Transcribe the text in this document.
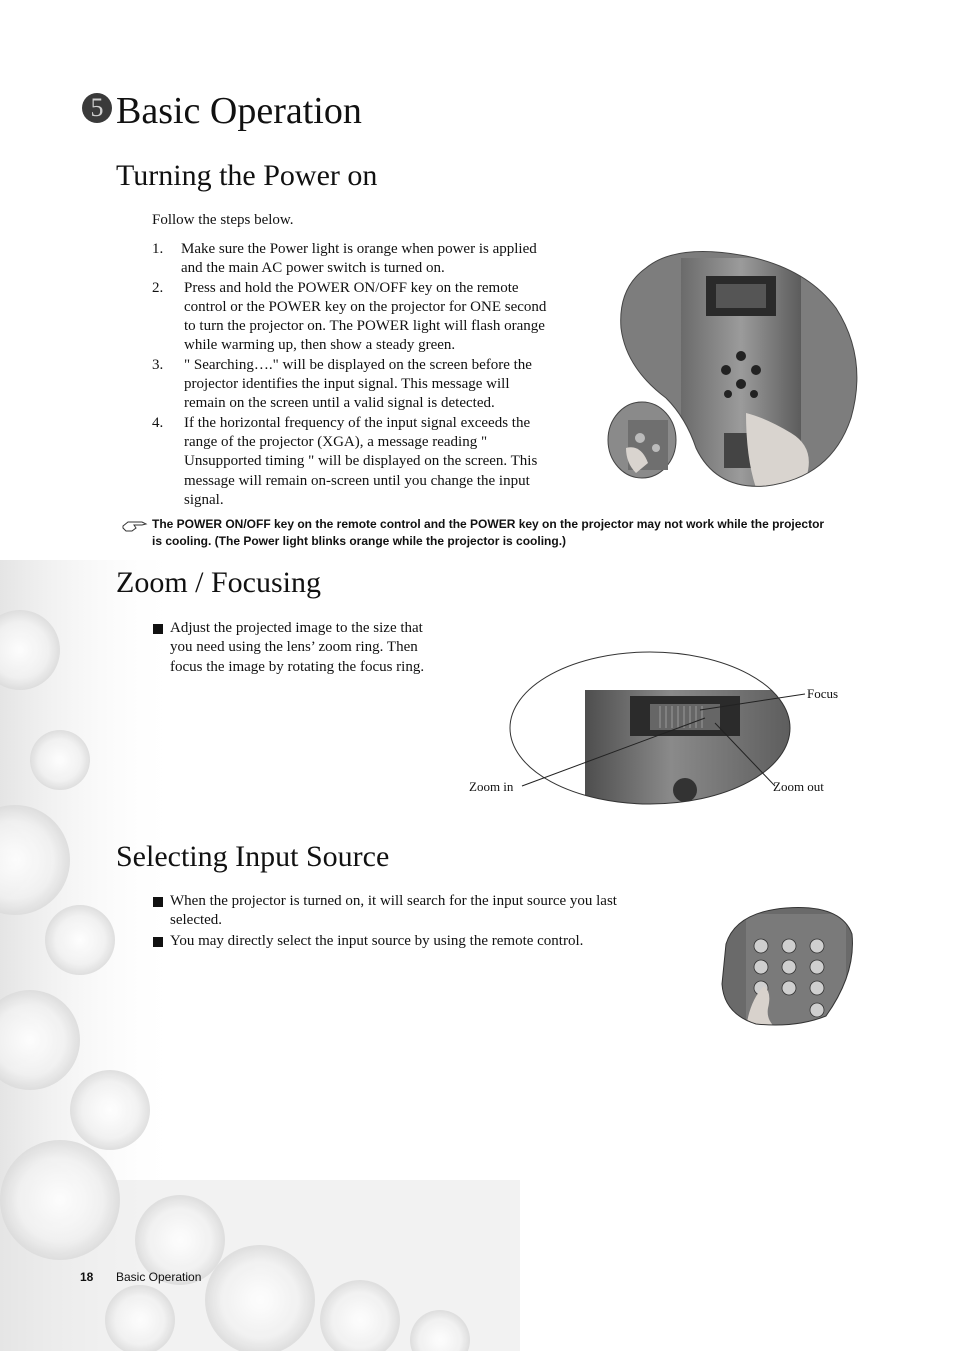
5 Basic Operation
Turning the Power on
Follow the steps below.
1. Make sure the Power light is orange when power is applied
and the main AC power switch is turned on.
2. Press and hold the POWER ON/OFF key on the remote
control or the POWER key on the projector for ONE second
to turn the projector on. The POWER light will flash orange
while warming up, then show a steady green.
3. " Searching…." will be displayed on the screen before the
projector identifies the input signal. This message will
remain on the screen until a valid signal is detected.
4. If the horizontal frequency of the input signal exceeds the
range of the projector (XGA), a message reading "
Unsupported timing " will be displayed on the screen. This
message will remain on-screen until you change the input
signal.
The POWER ON/OFF key on the remote control and the POWER key on the projector may not work while the projector
is cooling. (The Power light blinks orange while the projector is cooling.)
Zoom / Focusing
Adjust the projected image to the size that
you need using the lens’ zoom ring. Then
focus the image by rotating the focus ring.
Focus
Zoom in	Zoom out
Selecting Input Source
When the projector is turned on, it will search for the input source you last
selected.
You may directly select the input source by using the remote control.
18 Basic Operation
